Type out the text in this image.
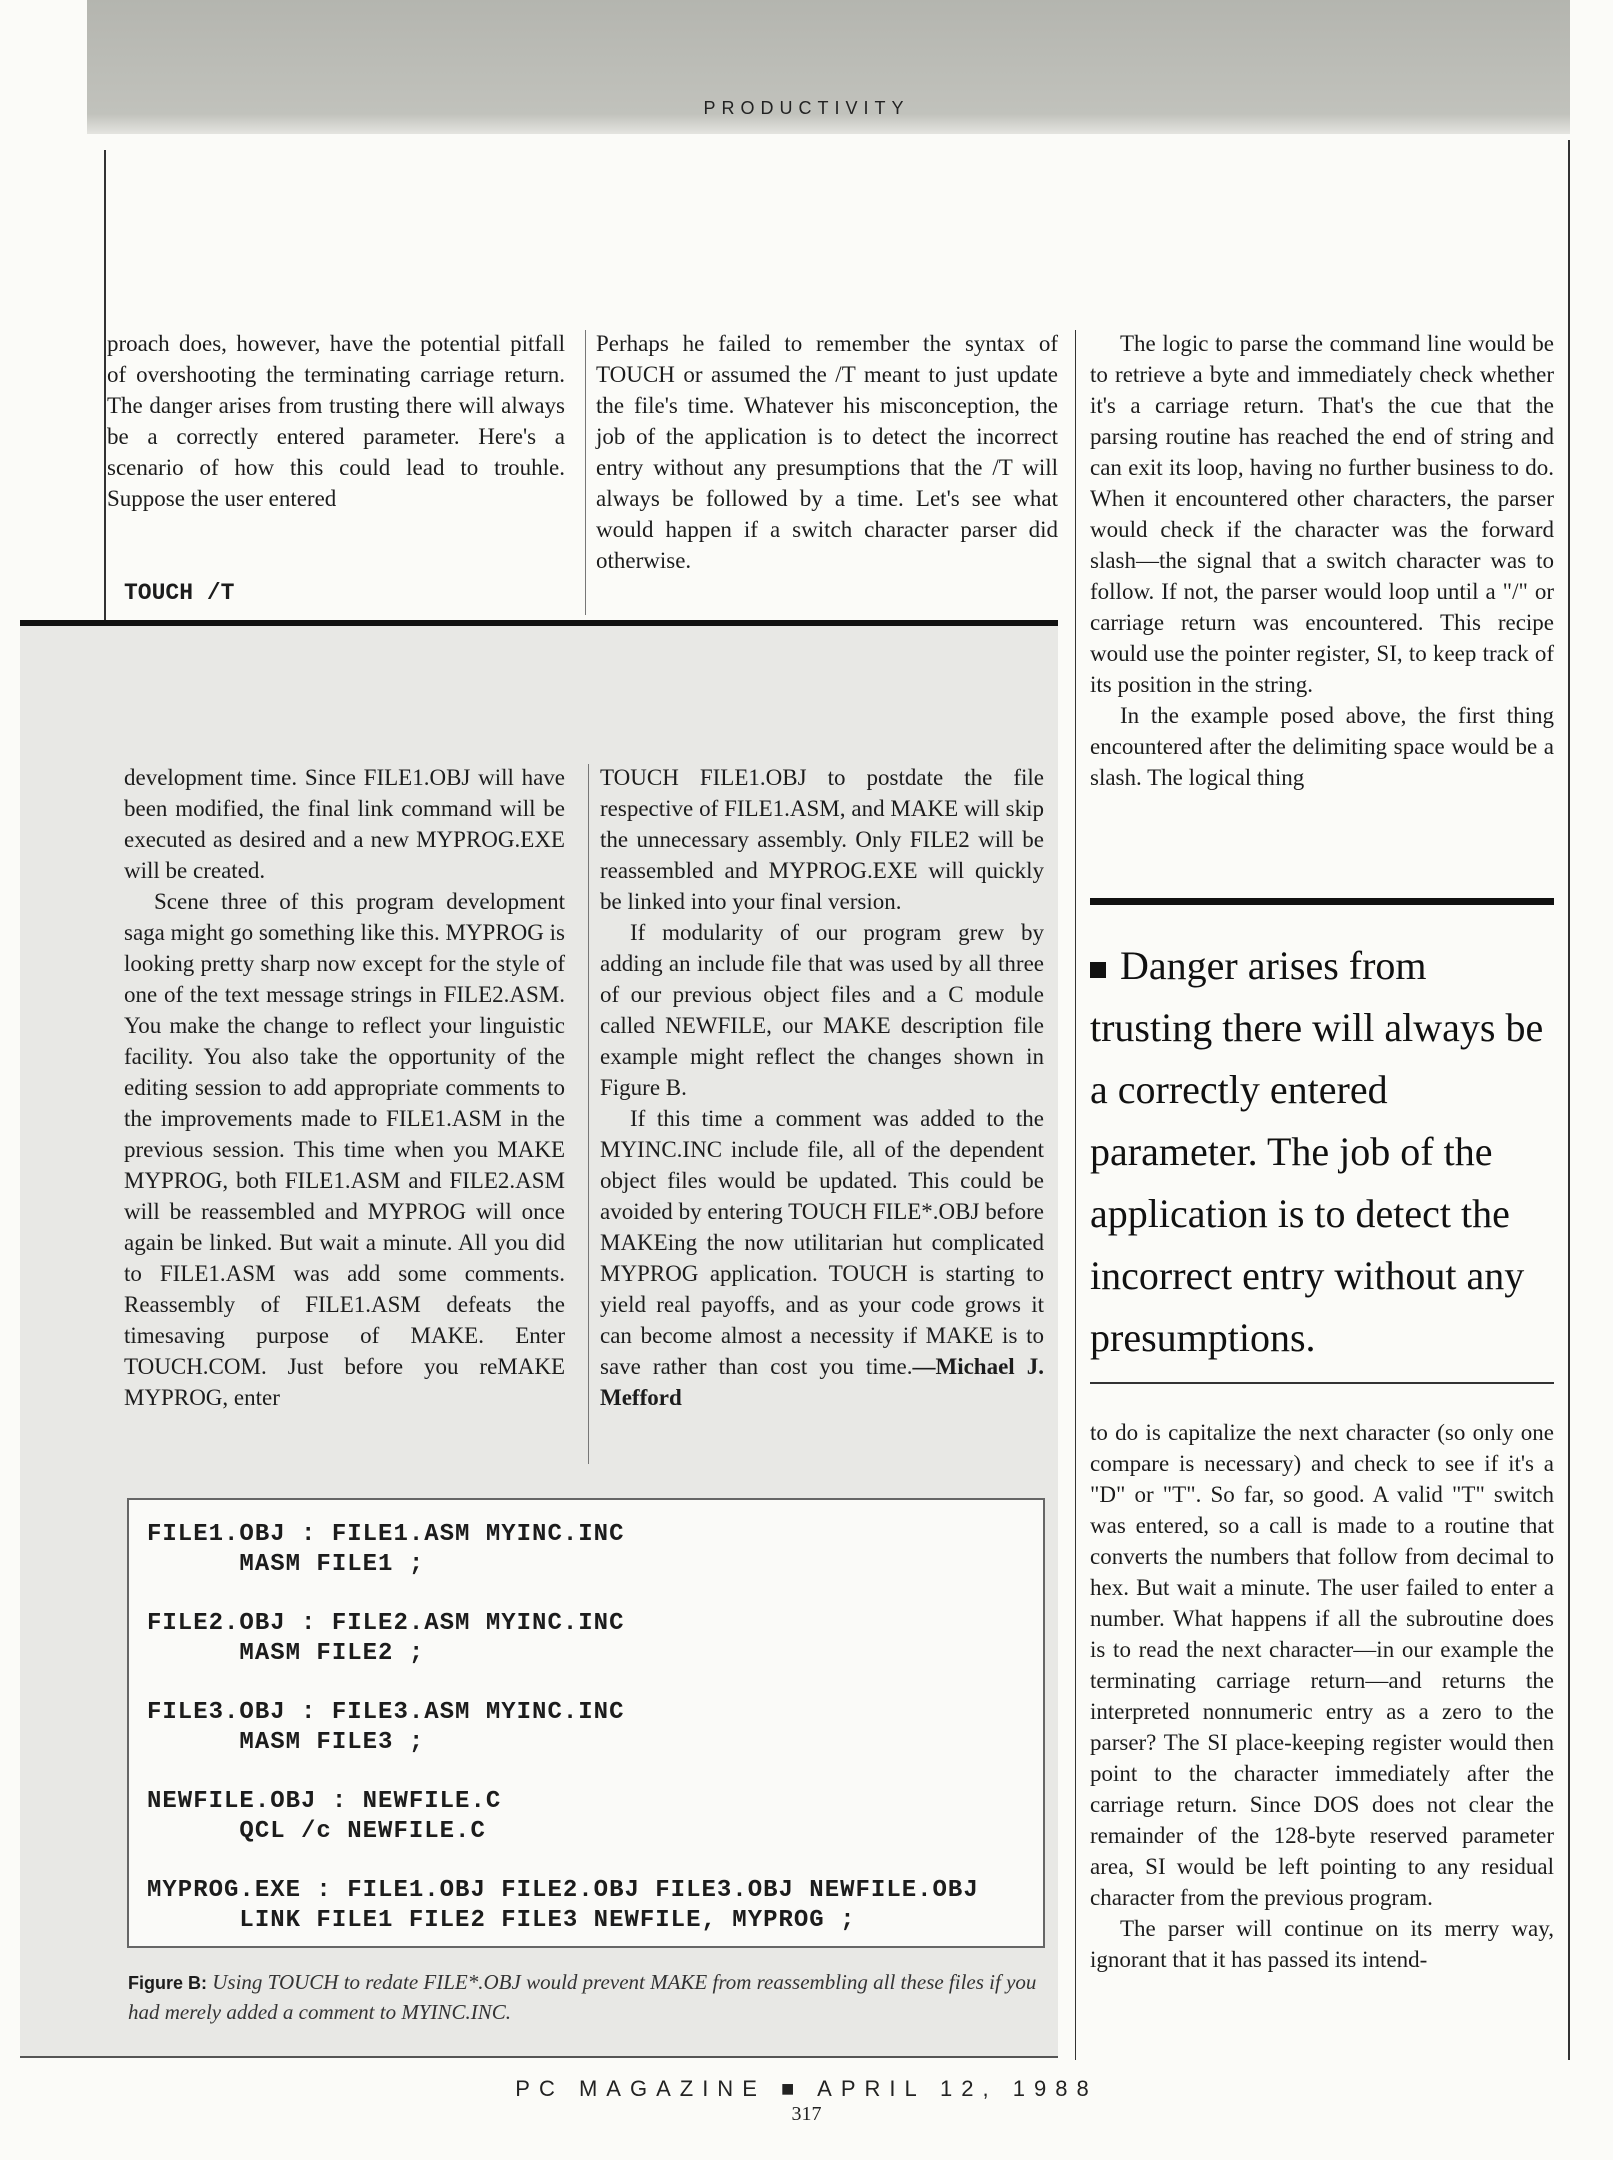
PRODUCTIVITY

proach does, however, have the potential pitfall of overshooting the terminating carriage return. The danger arises from trusting there will always be a correctly entered parameter. Here's a scenario of how this could lead to trouhle. Suppose the user entered

TOUCH /T

Perhaps he failed to remember the syntax of TOUCH or assumed the /T meant to just update the file's time. Whatever his misconception, the job of the application is to detect the incorrect entry without any presumptions that the /T will always be followed by a time. Let's see what would happen if a switch character parser did otherwise.

development time. Since FILE1.OBJ will have been modified, the final link command will be executed as desired and a new MYPROG.EXE will be created.

Scene three of this program development saga might go something like this. MYPROG is looking pretty sharp now except for the style of one of the text message strings in FILE2.ASM. You make the change to reflect your linguistic facility. You also take the opportunity of the editing session to add appropriate comments to the improvements made to FILE1.ASM in the previous session. This time when you MAKE MYPROG, both FILE1.ASM and FILE2.ASM will be reassembled and MYPROG will once again be linked. But wait a minute. All you did to FILE1.ASM was add some comments. Reassembly of FILE1.ASM defeats the timesaving purpose of MAKE. Enter TOUCH.COM. Just before you reMAKE MYPROG, enter

TOUCH FILE1.OBJ to postdate the file respective of FILE1.ASM, and MAKE will skip the unnecessary assembly. Only FILE2 will be reassembled and MYPROG.EXE will quickly be linked into your final version.

If modularity of our program grew by adding an include file that was used by all three of our previous object files and a C module called NEWFILE, our MAKE description file example might reflect the changes shown in Figure B.

If this time a comment was added to the MYINC.INC include file, all of the dependent object files would be updated. This could be avoided by entering TOUCH FILE*.OBJ before MAKEing the now utilitarian hut complicated MYPROG application. TOUCH is starting to yield real payoffs, and as your code grows it can become almost a necessity if MAKE is to save rather than cost you time.—Michael J. Mefford

FILE1.OBJ : FILE1.ASM MYINC.INC
MASM FILE1 ;
FILE2.OBJ : FILE2.ASM MYINC.INC
MASM FILE2 ;
FILE3.OBJ : FILE3.ASM MYINC.INC
MASM FILE3 ;
NEWFILE.OBJ : NEWFILE.C
QCL /c NEWFILE.C
MYPROG.EXE : FILE1.OBJ FILE2.OBJ FILE3.OBJ NEWFILE.OBJ
LINK FILE1 FILE2 FILE3 NEWFILE, MYPROG ;
Figure B: Using TOUCH to redate FILE*.OBJ would prevent MAKE from reassembling all these files if you had merely added a comment to MYINC.INC.

The logic to parse the command line would be to retrieve a byte and immediately check whether it's a carriage return. That's the cue that the parsing routine has reached the end of string and can exit its loop, having no further business to do. When it encountered other characters, the parser would check if the character was the forward slash—the signal that a switch character was to follow. If not, the parser would loop until a "/" or carriage return was encountered. This recipe would use the pointer register, SI, to keep track of its position in the string.

In the example posed above, the first thing encountered after the delimiting space would be a slash. The logical thing

Danger arises from trusting there will always be a correctly entered parameter. The job of the application is to detect the incorrect entry without any presumptions.

to do is capitalize the next character (so only one compare is necessary) and check to see if it's a "D" or "T". So far, so good. A valid "T" switch was entered, so a call is made to a routine that converts the numbers that follow from decimal to hex. But wait a minute. The user failed to enter a number. What happens if all the subroutine does is to read the next character—in our example the terminating carriage return—and returns the interpreted nonnumeric entry as a zero to the parser? The SI place-keeping register would then point to the character immediately after the carriage return. Since DOS does not clear the remainder of the 128-byte reserved parameter area, SI would be left pointing to any residual character from the previous program.

The parser will continue on its merry way, ignorant that it has passed its intend-

PC MAGAZINE ■ APRIL 12, 1988
317
